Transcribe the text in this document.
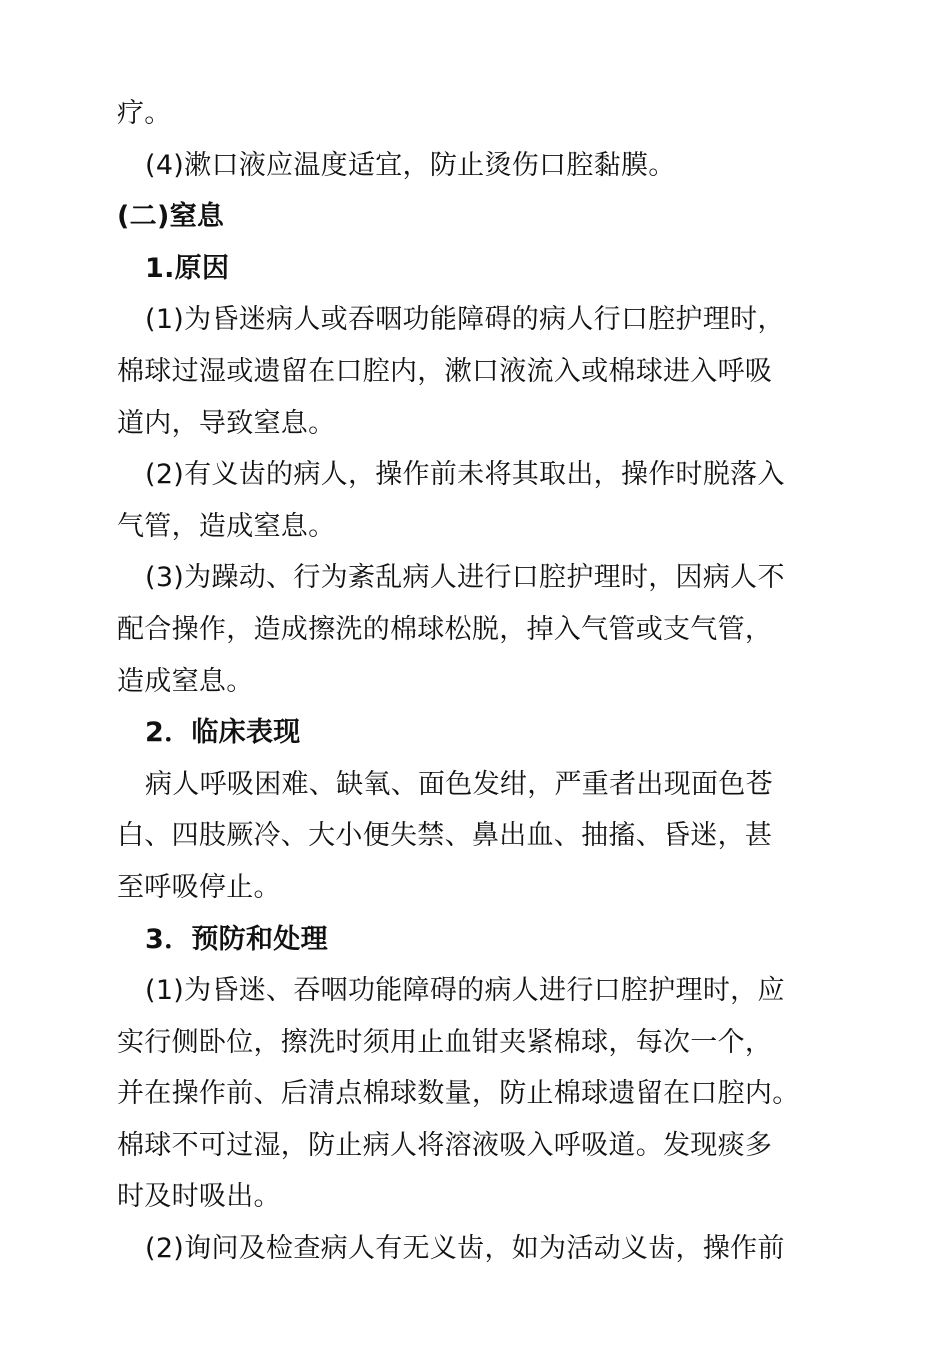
疗。
(4)漱口液应温度适宜，防止烫伤口腔黏膜。
(二)窒息
1.原因
(1)为昏迷病人或吞咽功能障碍的病人行口腔护理时，
棉球过湿或遗留在口腔内，漱口液流入或棉球进入呼吸
道内，导致窒息。
(2)有义齿的病人，操作前未将其取出，操作时脱落入
气管，造成窒息。
(3)为躁动、行为紊乱病人进行口腔护理时，因病人不
配合操作，造成擦洗的棉球松脱，掉入气管或支气管，
造成窒息。
2．临床表现
病人呼吸困难、缺氧、面色发绀，严重者出现面色苍
白、四肢厥冷、大小便失禁、鼻出血、抽搐、昏迷，甚
至呼吸停止。
3．预防和处理
(1)为昏迷、吞咽功能障碍的病人进行口腔护理时，应
实行侧卧位，擦洗时须用止血钳夹紧棉球，每次一个，
并在操作前、后清点棉球数量，防止棉球遗留在口腔内。
棉球不可过湿，防止病人将溶液吸入呼吸道。发现痰多
时及时吸出。
(2)询问及检查病人有无义齿，如为活动义齿，操作前
